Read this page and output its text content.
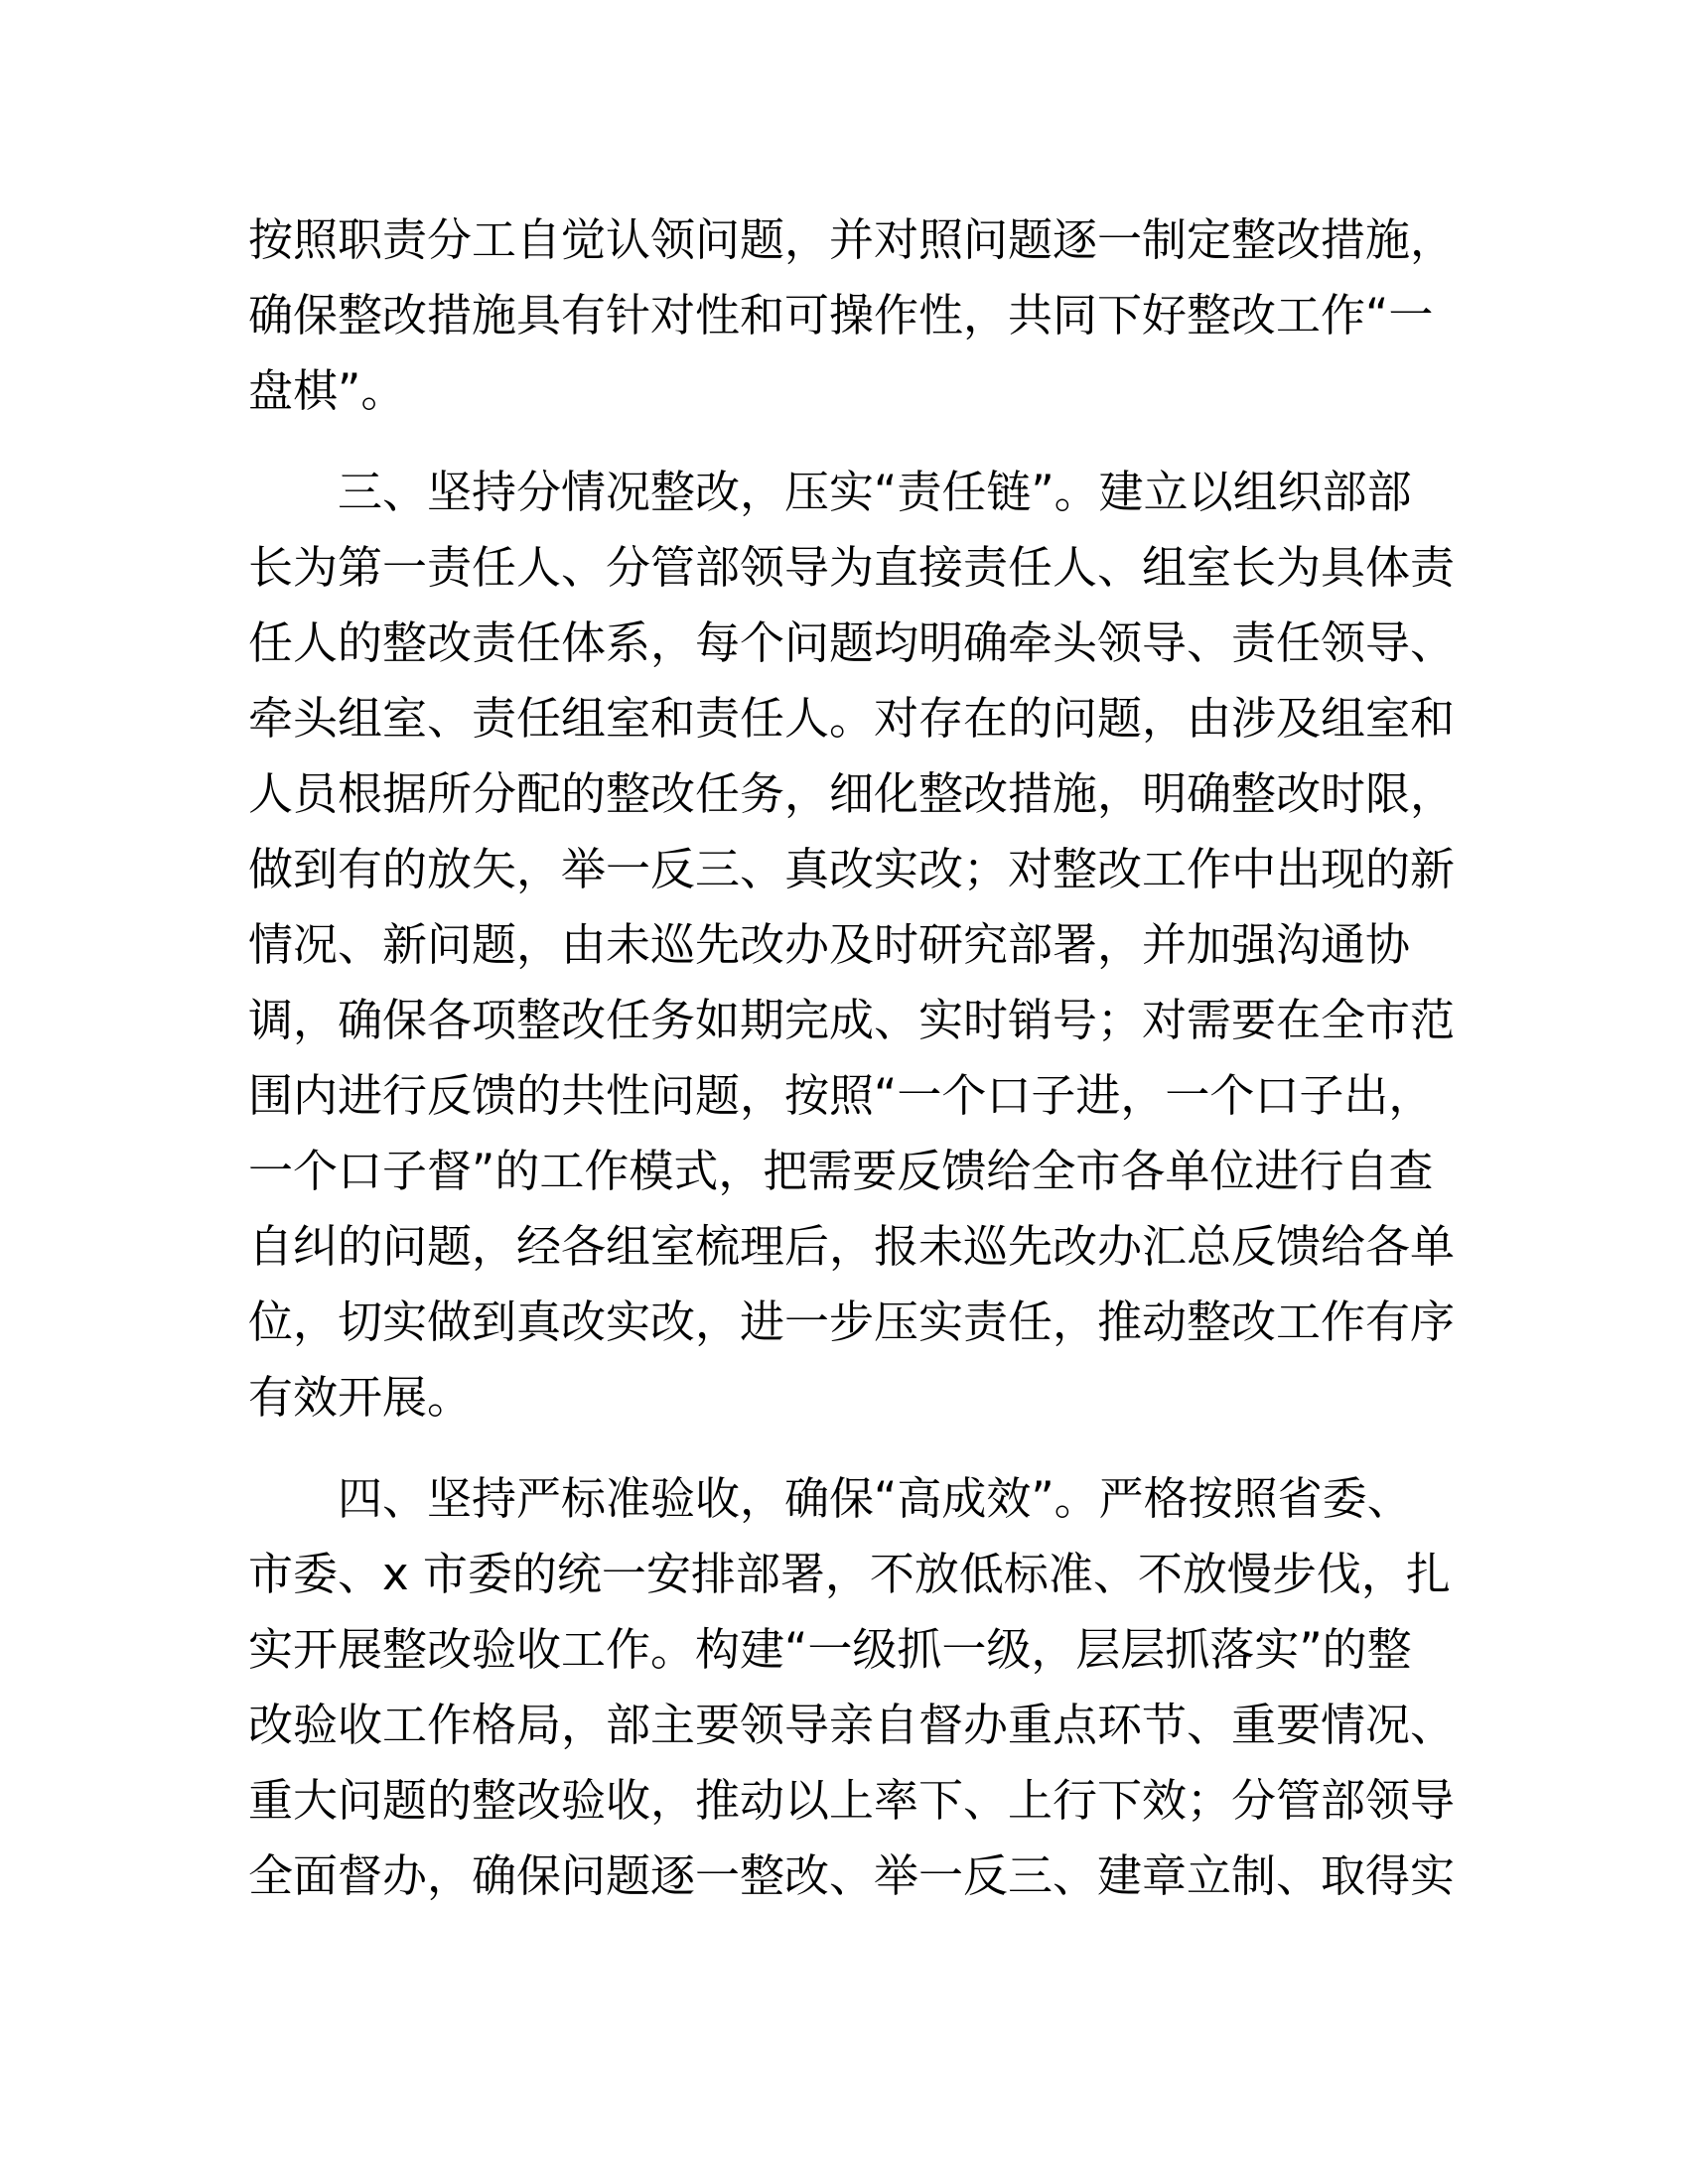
按照职责分工自觉认领问题，并对照问题逐一制定整改措施，
确保整改措施具有针对性和可操作性，共同下好整改工作“一
盘棋”。
三、坚持分情况整改，压实“责任链”。建立以组织部部
长为第一责任人、分管部领导为直接责任人、组室长为具体责
任人的整改责任体系，每个问题均明确牵头领导、责任领导、
牵头组室、责任组室和责任人。对存在的问题，由涉及组室和
人员根据所分配的整改任务，细化整改措施，明确整改时限，
做到有的放矢，举一反三、真改实改；对整改工作中出现的新
情况、新问题，由未巡先改办及时研究部署，并加强沟通协
调，确保各项整改任务如期完成、实时销号；对需要在全市范
围内进行反馈的共性问题，按照“一个口子进，一个口子出，
一个口子督”的工作模式，把需要反馈给全市各单位进行自查
自纠的问题，经各组室梳理后，报未巡先改办汇总反馈给各单
位，切实做到真改实改，进一步压实责任，推动整改工作有序
有效开展。
四、坚持严标准验收，确保“高成效”。严格按照省委、
市委、x 市委的统一安排部署，不放低标准、不放慢步伐，扎
实开展整改验收工作。构建“一级抓一级，层层抓落实”的整
改验收工作格局，部主要领导亲自督办重点环节、重要情况、
重大问题的整改验收，推动以上率下、上行下效；分管部领导
全面督办，确保问题逐一整改、举一反三、建章立制、取得实
